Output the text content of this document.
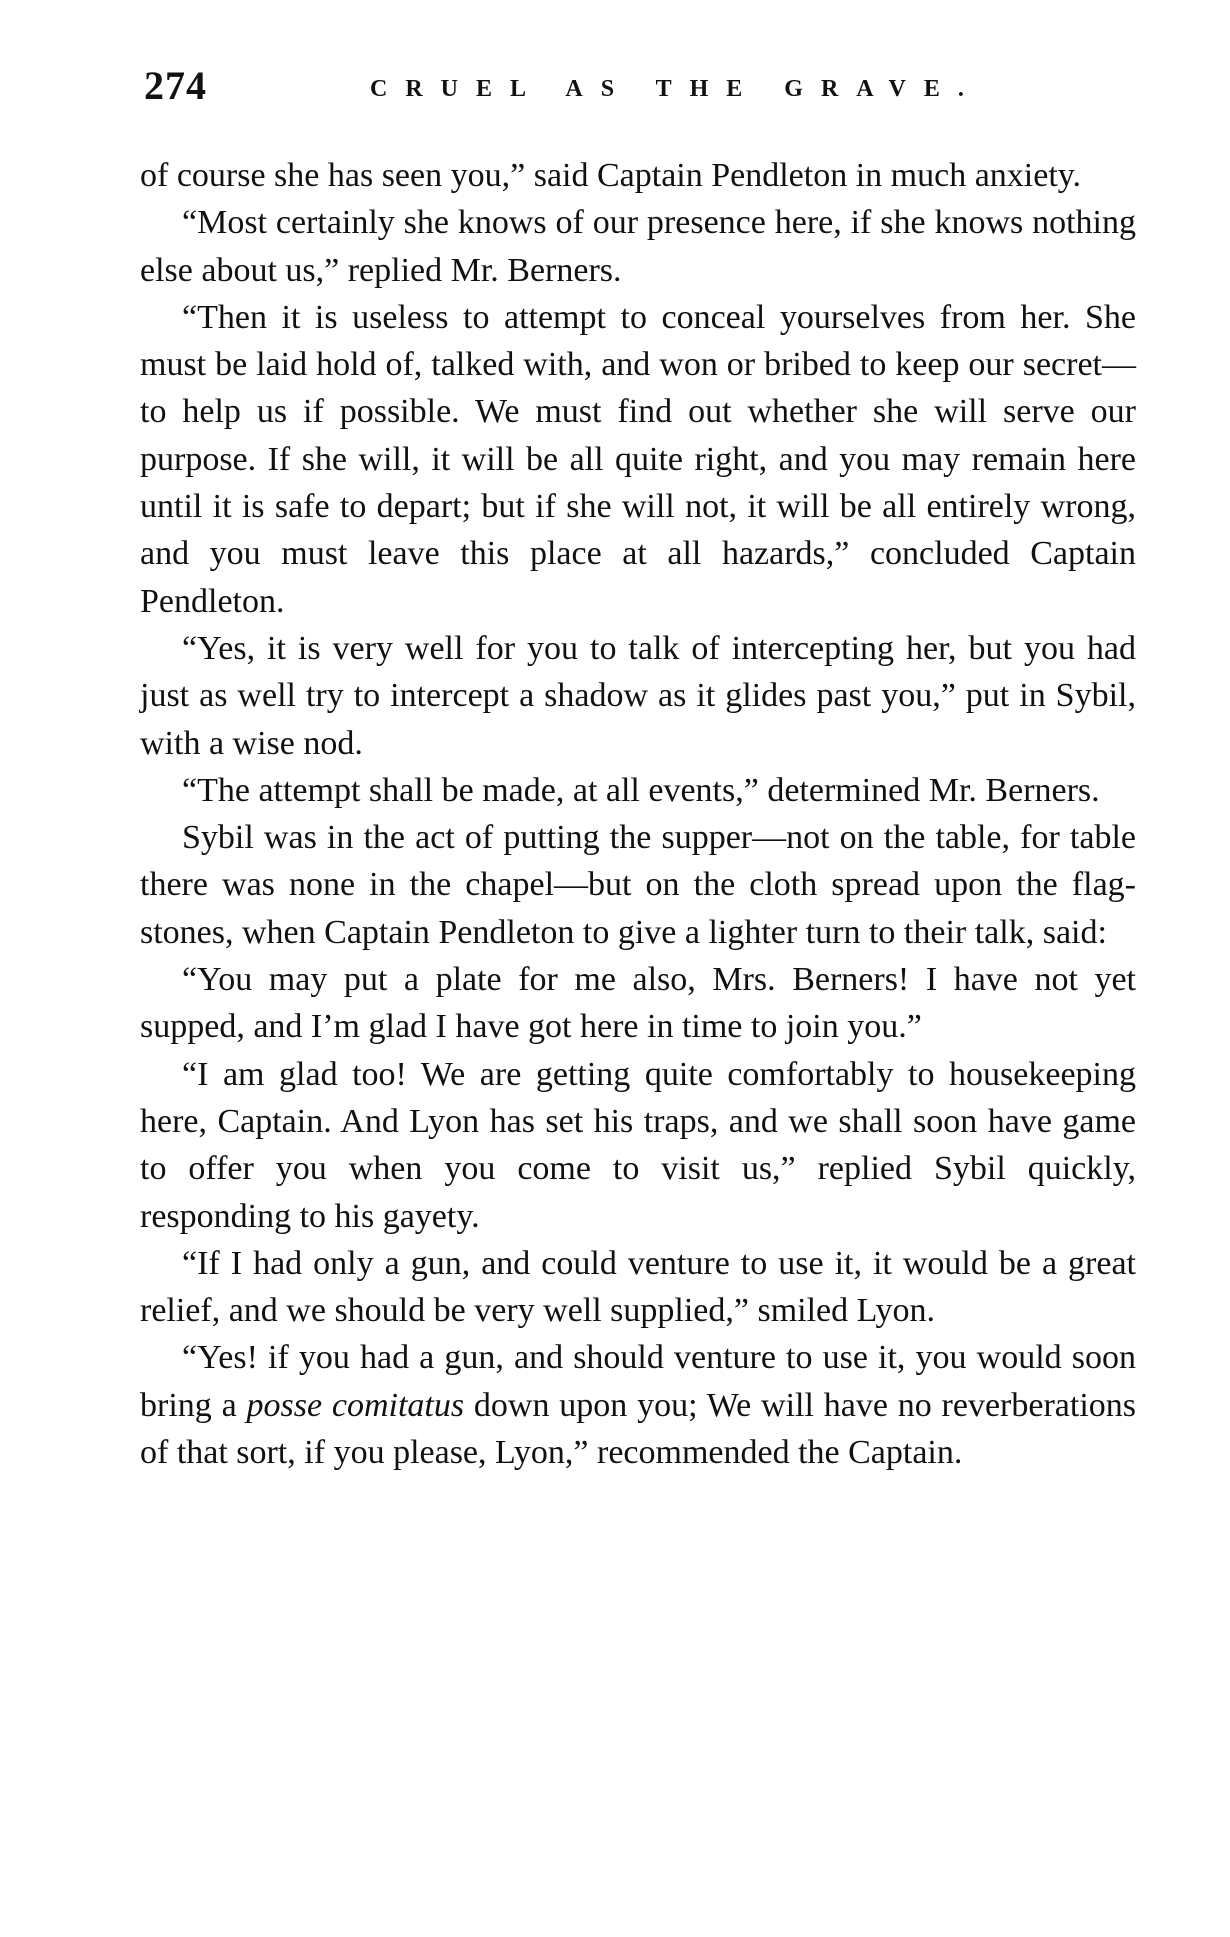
274	CRUEL AS THE GRAVE.

of course she has seen you,” said Captain Pendleton in much anxiety.

“Most certainly she knows of our presence here, if she knows nothing else about us,” replied Mr. Berners.

“Then it is useless to attempt to conceal yourselves from her. She must be laid hold of, talked with, and won or bribed to keep our secret—to help us if possible. We must find out whether she will serve our purpose. If she will, it will be all quite right, and you may remain here until it is safe to depart; but if she will not, it will be all entirely wrong, and you must leave this place at all hazards,” concluded Captain Pendleton.

“Yes, it is very well for you to talk of intercepting her, but you had just as well try to intercept a shadow as it glides past you,” put in Sybil, with a wise nod.

“The attempt shall be made, at all events,” determined Mr. Berners.

Sybil was in the act of putting the supper—not on the table, for table there was none in the chapel—but on the cloth spread upon the flag-stones, when Captain Pendleton to give a lighter turn to their talk, said:

“You may put a plate for me also, Mrs. Berners! I have not yet supped, and I’m glad I have got here in time to join you.”

“I am glad too! We are getting quite comfortably to housekeeping here, Captain. And Lyon has set his traps, and we shall soon have game to offer you when you come to visit us,” replied Sybil quickly, responding to his gayety.

“If I had only a gun, and could venture to use it, it would be a great relief, and we should be very well supplied,” smiled Lyon.

“Yes! if you had a gun, and should venture to use it, you would soon bring a posse comitatus down upon you; We will have no reverberations of that sort, if you please, Lyon,” recommended the Captain.
